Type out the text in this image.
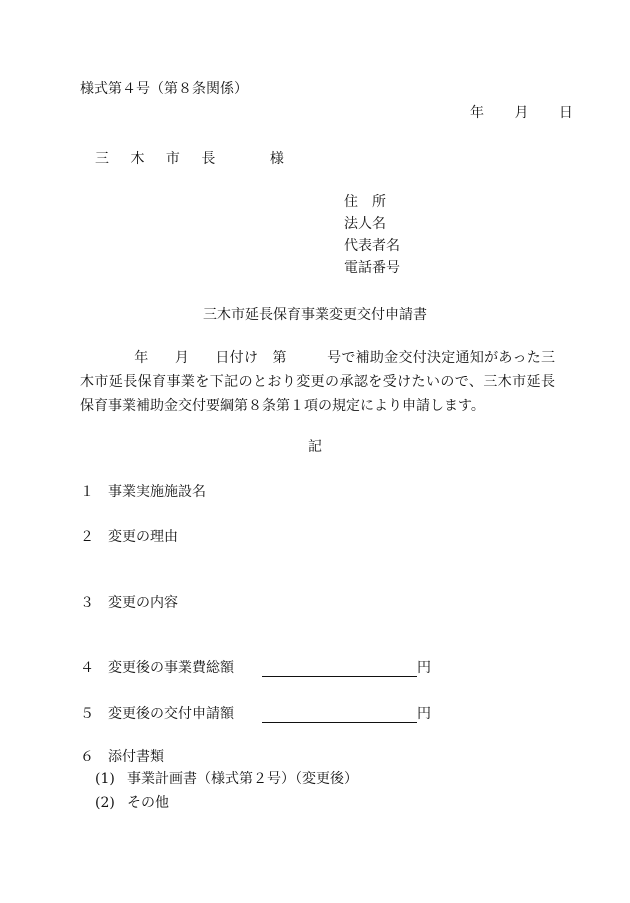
様式第４号（第８条関係）
年 月 日
三 木 市 長	様
住　所
法人名
代表者名
電話番号
三木市延長保育事業変更交付申請書
年 月 日付け 第	号で補助金交付決定通知があった三木市延長保育事業を下記のとおり変更の承認を受けたいので、三木市延長保育事業補助金交付要綱第８条第１項の規定により申請します。
記
１ 事業実施施設名
２ 変更の理由
３ 変更の内容
４ 変更後の事業費総額	円
５ 変更後の交付申請額	円
６ 添付書類
(1) 事業計画書（様式第２号）（変更後）
(2) その他
